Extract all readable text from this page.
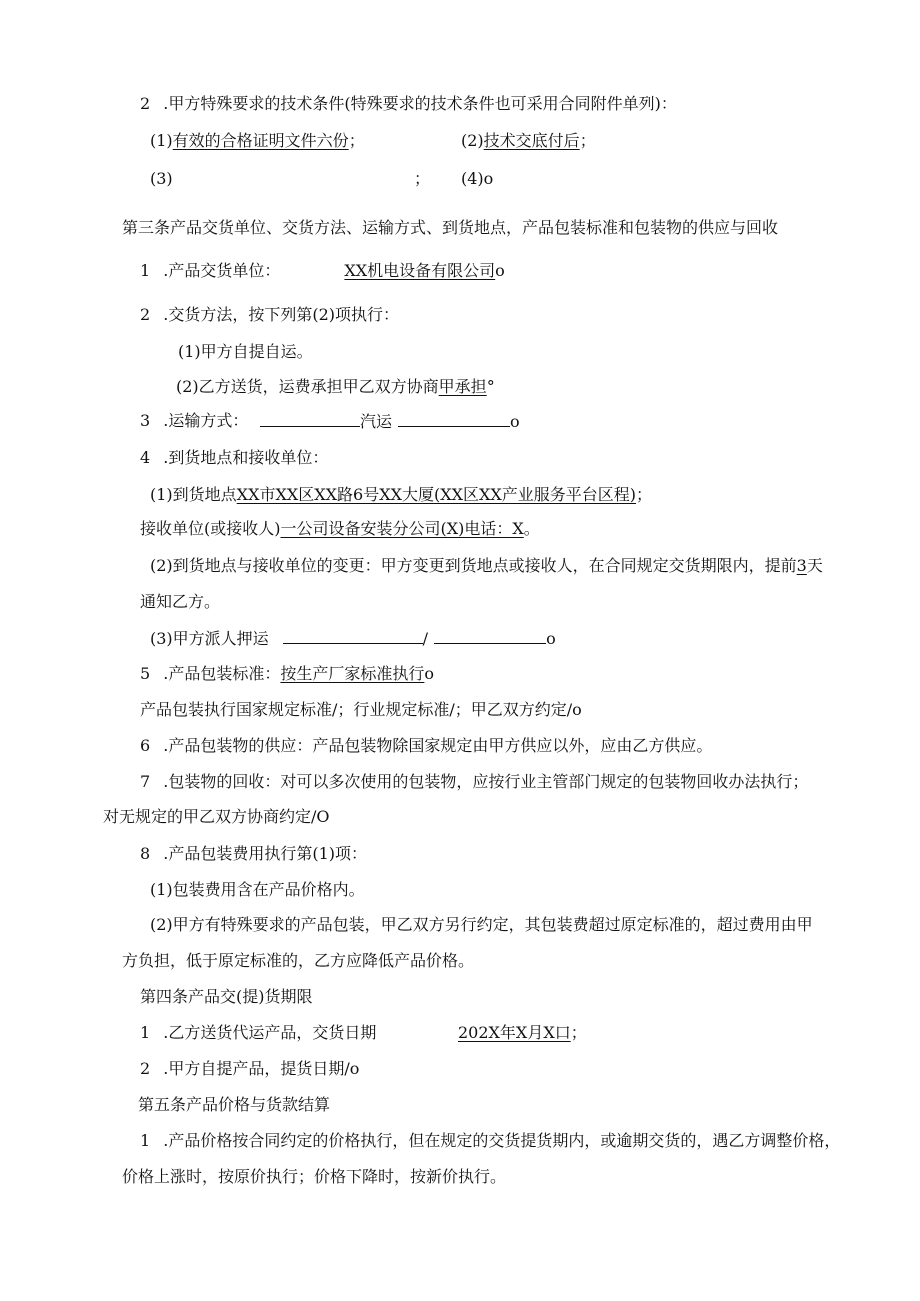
2 .甲方特殊要求的技术条件(特殊要求的技术条件也可采用合同附件单列)：
(1)有效的合格证明文件六份；	(2)技术交底付后；
(3)	； (4)o
第三条产品交货单位、交货方法、运输方式、到货地点，产品包装标准和包装物的供应与回收
1 .产品交货单位：	XX机电设备有限公司o
2 .交货方法，按下列第(2)项执行：
(1)甲方自提自运。
(2)乙方送货，运费承担甲乙双方协商甲承担°
3 .运输方式：	汽运	o
4 .到货地点和接收单位：
(1)到货地点XX市XX区XX路6号XX大厦(XX区XX产业服务平台区程)；
接收单位(或接收人)一公司设备安装分公司(X)电话：X。
(2)到货地点与接收单位的变更：甲方变更到货地点或接收人，在合同规定交货期限内，提前3天
通知乙方。
(3)甲方派人押运	/	o
5 .产品包装标准：按生产厂家标准执行o
产品包装执行国家规定标准/；行业规定标准/；甲乙双方约定/o
6 .产品包装物的供应：产品包装物除国家规定由甲方供应以外，应由乙方供应。
7 .包装物的回收：对可以多次使用的包装物，应按行业主管部门规定的包装物回收办法执行；
对无规定的甲乙双方协商约定/O
8 .产品包装费用执行第(1)项：
(1)包装费用含在产品价格内。
(2)甲方有特殊要求的产品包装，甲乙双方另行约定，其包装费超过原定标准的，超过费用由甲
方负担，低于原定标准的，乙方应降低产品价格。
第四条产品交(提)货期限
1 .乙方送货代运产品，交货日期	202X年X月X口；
2 .甲方自提产品，提货日期/o
第五条产品价格与货款结算
1 .产品价格按合同约定的价格执行，但在规定的交货提货期内，或逾期交货的，遇乙方调整价格，
价格上涨时，按原价执行；价格下降时，按新价执行。
